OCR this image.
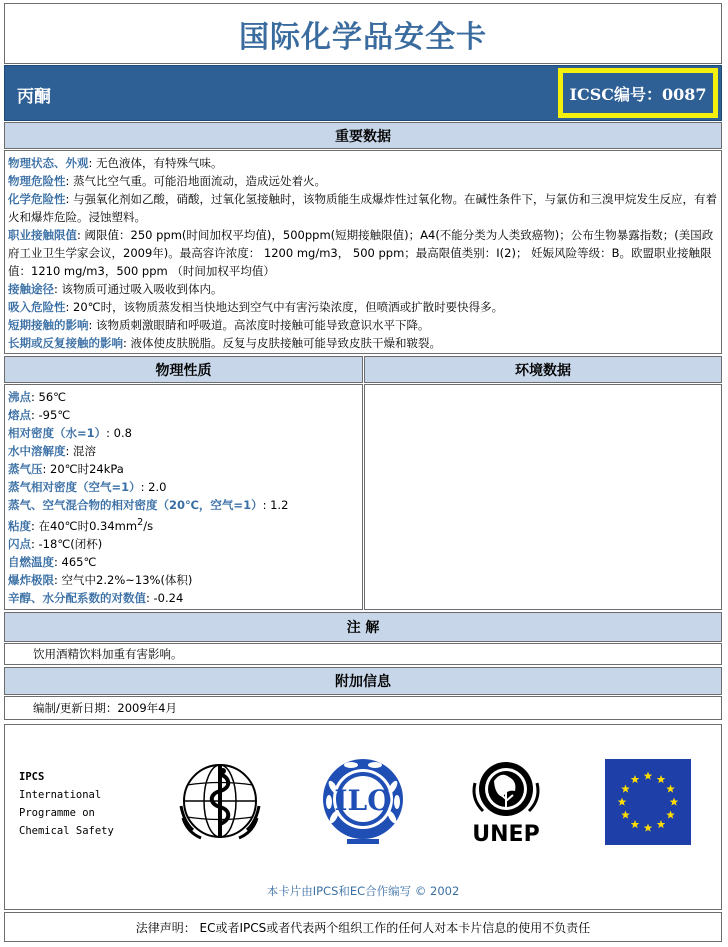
国际化学品安全卡
丙酮	ICSC编号：0087
重要数据
物理状态、外观: 无色液体，有特殊气味。
物理危险性: 蒸气比空气重。可能沿地面流动，造成远处着火。
化学危险性: 与强氧化剂如乙酸，硝酸，过氧化氢接触时，该物质能生成爆炸性过氧化物。在碱性条件下，与氯仿和三溴甲烷发生反应，有着火和爆炸危险。浸蚀塑料。
职业接触限值: 阈限值：250 ppm(时间加权平均值)，500ppm(短期接触限值)；A4(不能分类为人类致癌物)；公布生物暴露指数；(美国政府工业卫生学家会议，2009年)。最高容许浓度： 1200 mg/m3， 500 ppm；最高限值类别：I(2)； 妊娠风险等级：B。欧盟职业接触限值：1210 mg/m3，500 ppm （时间加权平均值）
接触途径: 该物质可通过吸入吸收到体内。
吸入危险性: 20℃时，该物质蒸发相当快地达到空气中有害污染浓度，但喷洒或扩散时要快得多。
短期接触的影响: 该物质刺激眼睛和呼吸道。高浓度时接触可能导致意识水平下降。
长期或反复接触的影响: 液体使皮肤脱脂。反复与皮肤接触可能导致皮肤干燥和皲裂。
物理性质	环境数据
沸点: 56℃
熔点: -95℃
相对密度（水=1）: 0.8
水中溶解度: 混溶
蒸气压: 20℃时24kPa
蒸气相对密度（空气=1）: 2.0
蒸气、空气混合物的相对密度（20℃，空气=1）: 1.2
粘度: 在40℃时$0.34mm^2/s$
闪点: -18℃(闭杯)
自燃温度: 465℃
爆炸极限: 空气中2.2%~13%(体积)
辛醇、水分配系数的对数值: -0.24
注 解
饮用酒精饮料加重有害影响。
附加信息
编制/更新日期：2009年4月
IPCS
International
Programme on
Chemical Safety
ILO
UNEP
本卡片由IPCS和EC合作编写 © 2002
法律声明： EC或者IPCS或者代表两个组织工作的任何人对本卡片信息的使用不负责任
